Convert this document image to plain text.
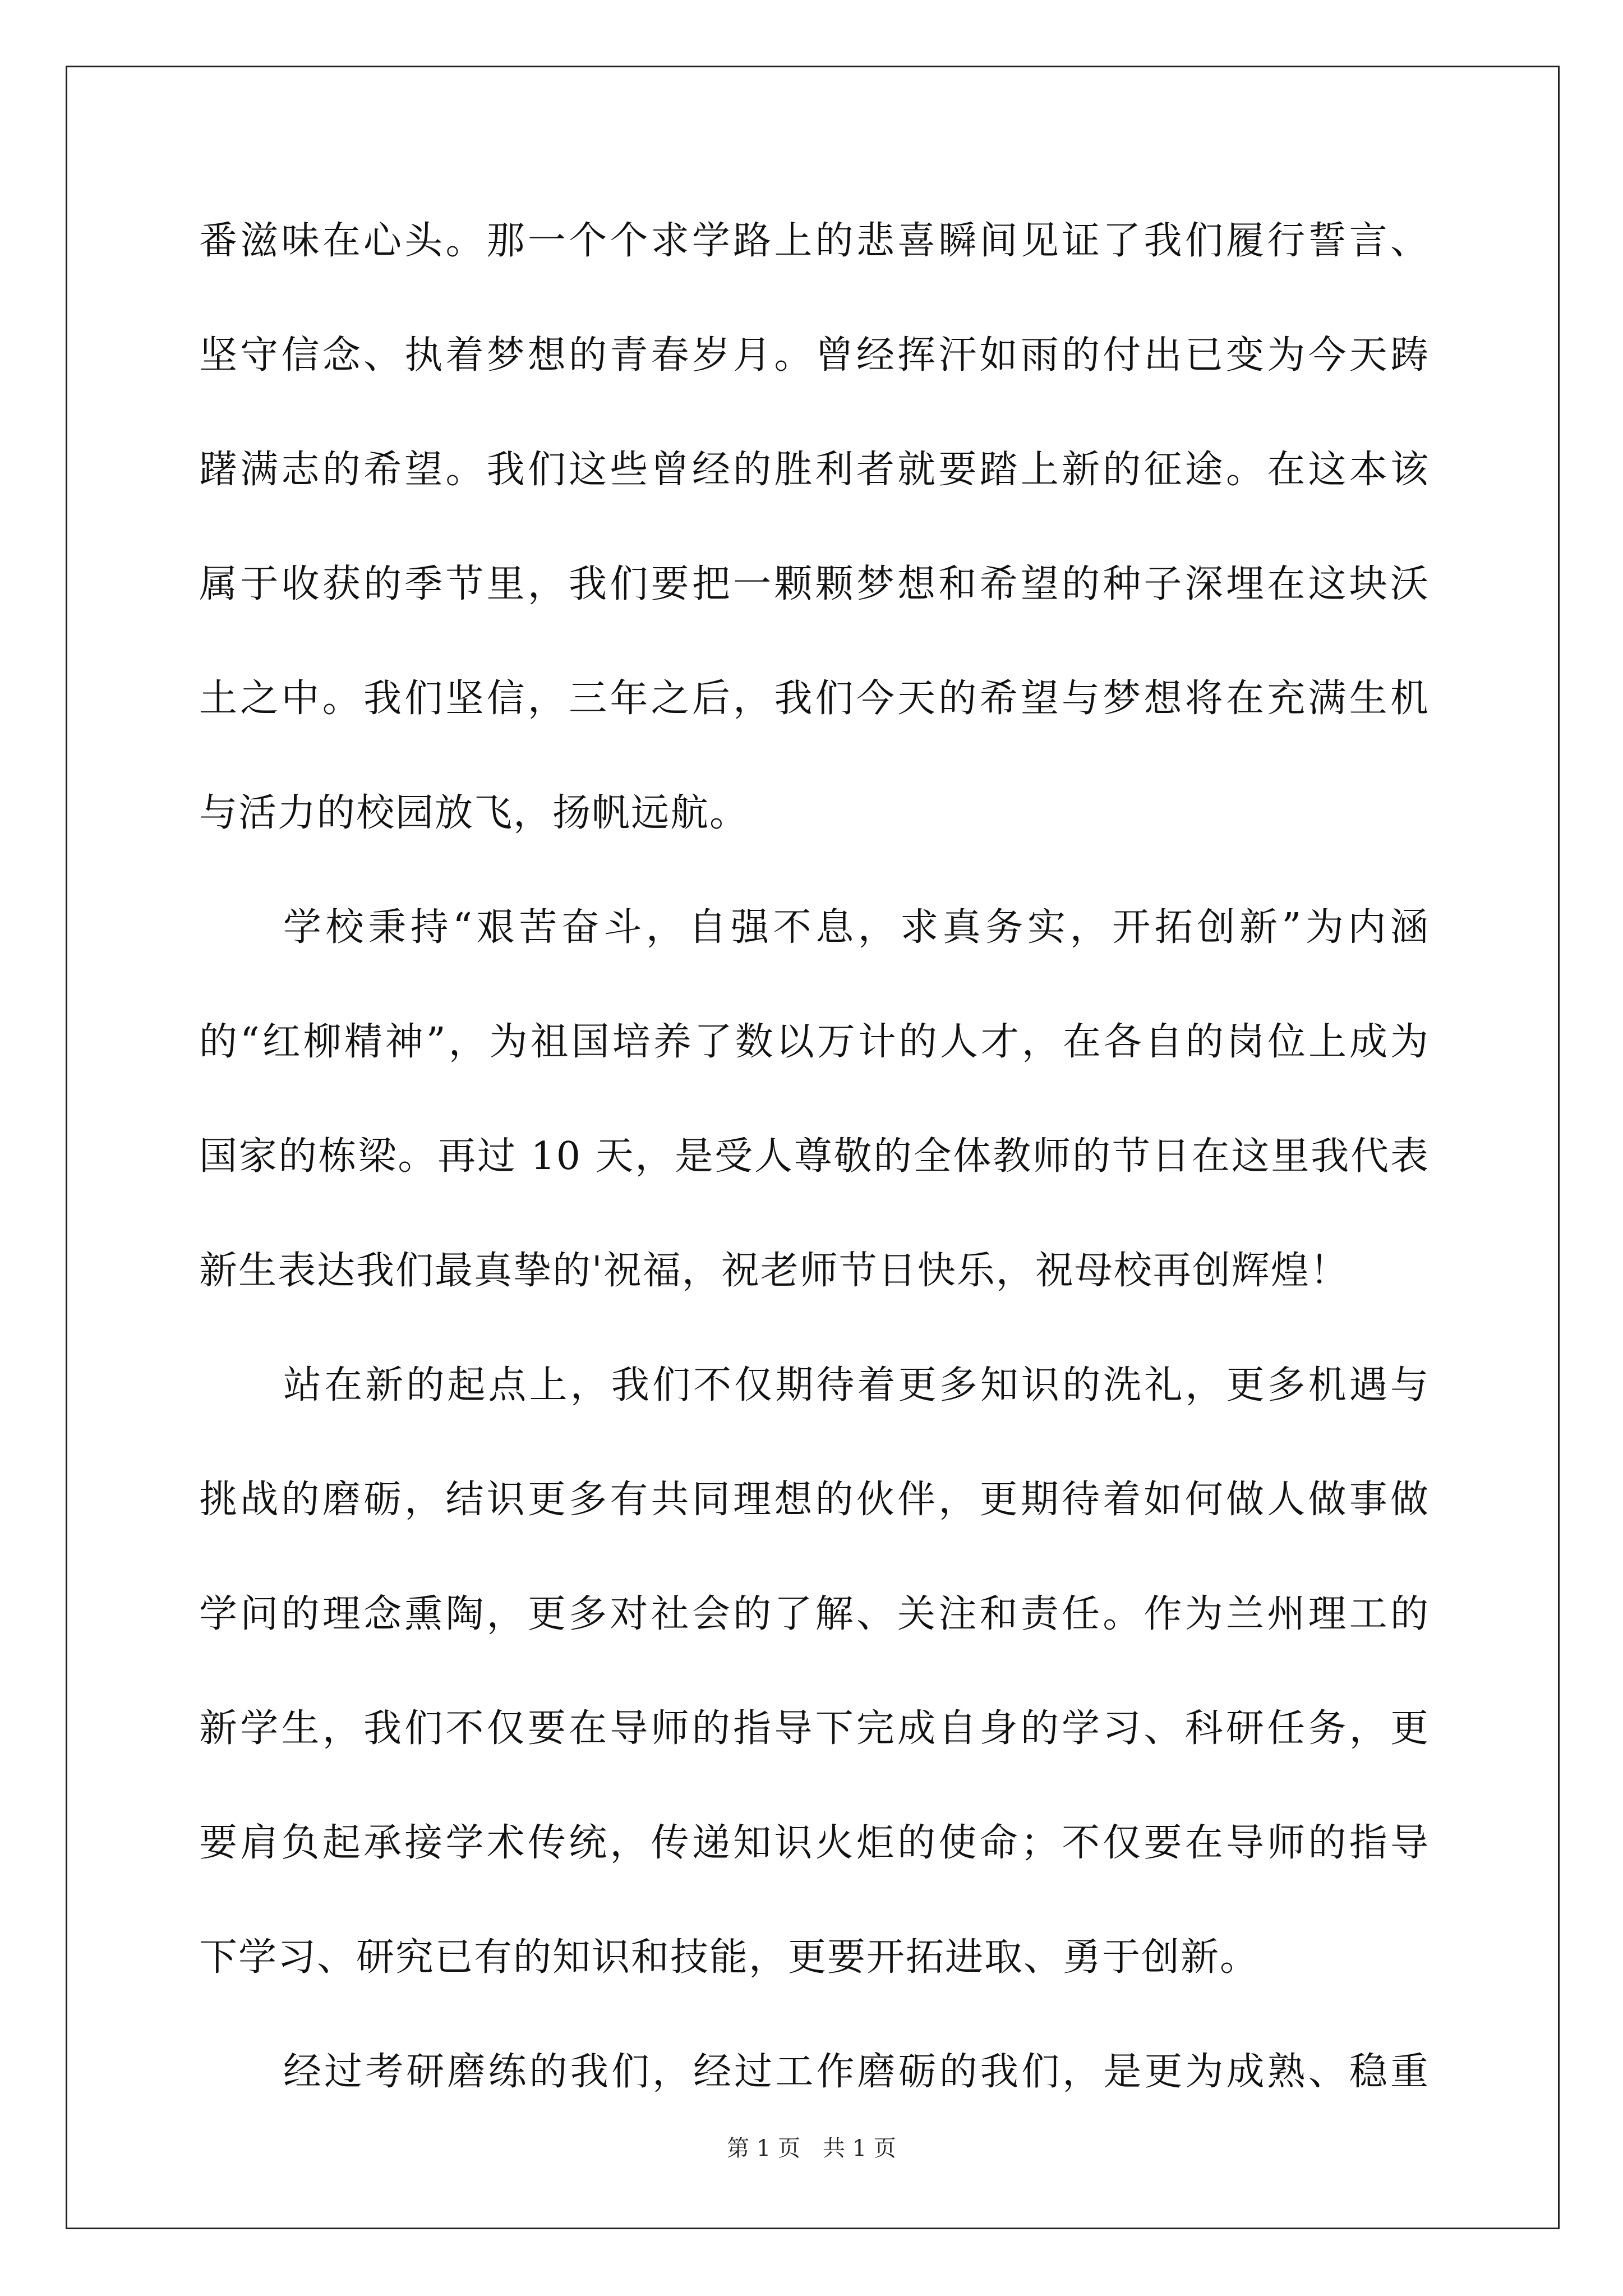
番滋味在心头。那一个个求学路上的悲喜瞬间见证了我们履行誓言、
坚守信念、执着梦想的青春岁月。曾经挥汗如雨的付出已变为今天踌
躇满志的希望。我们这些曾经的胜利者就要踏上新的征途。在这本该
属于收获的季节里，我们要把一颗颗梦想和希望的种子深埋在这块沃
土之中。我们坚信，三年之后，我们今天的希望与梦想将在充满生机
与活力的校园放飞，扬帆远航。
学校秉持“艰苦奋斗，自强不息，求真务实，开拓创新”为内涵
的“红柳精神”，为祖国培养了数以万计的人才，在各自的岗位上成为
国家的栋梁。再过 10 天，是受人尊敬的全体教师的节日在这里我代表
新生表达我们最真挚的'祝福，祝老师节日快乐，祝母校再创辉煌！
站在新的起点上，我们不仅期待着更多知识的洗礼，更多机遇与
挑战的磨砺，结识更多有共同理想的伙伴，更期待着如何做人做事做
学问的理念熏陶，更多对社会的了解、关注和责任。作为兰州理工的
新学生，我们不仅要在导师的指导下完成自身的学习、科研任务，更
要肩负起承接学术传统，传递知识火炬的使命；不仅要在导师的指导
下学习、研究已有的知识和技能，更要开拓进取、勇于创新。
经过考研磨练的我们，经过工作磨砺的我们，是更为成熟、稳重
第 1 页　共 1 页
